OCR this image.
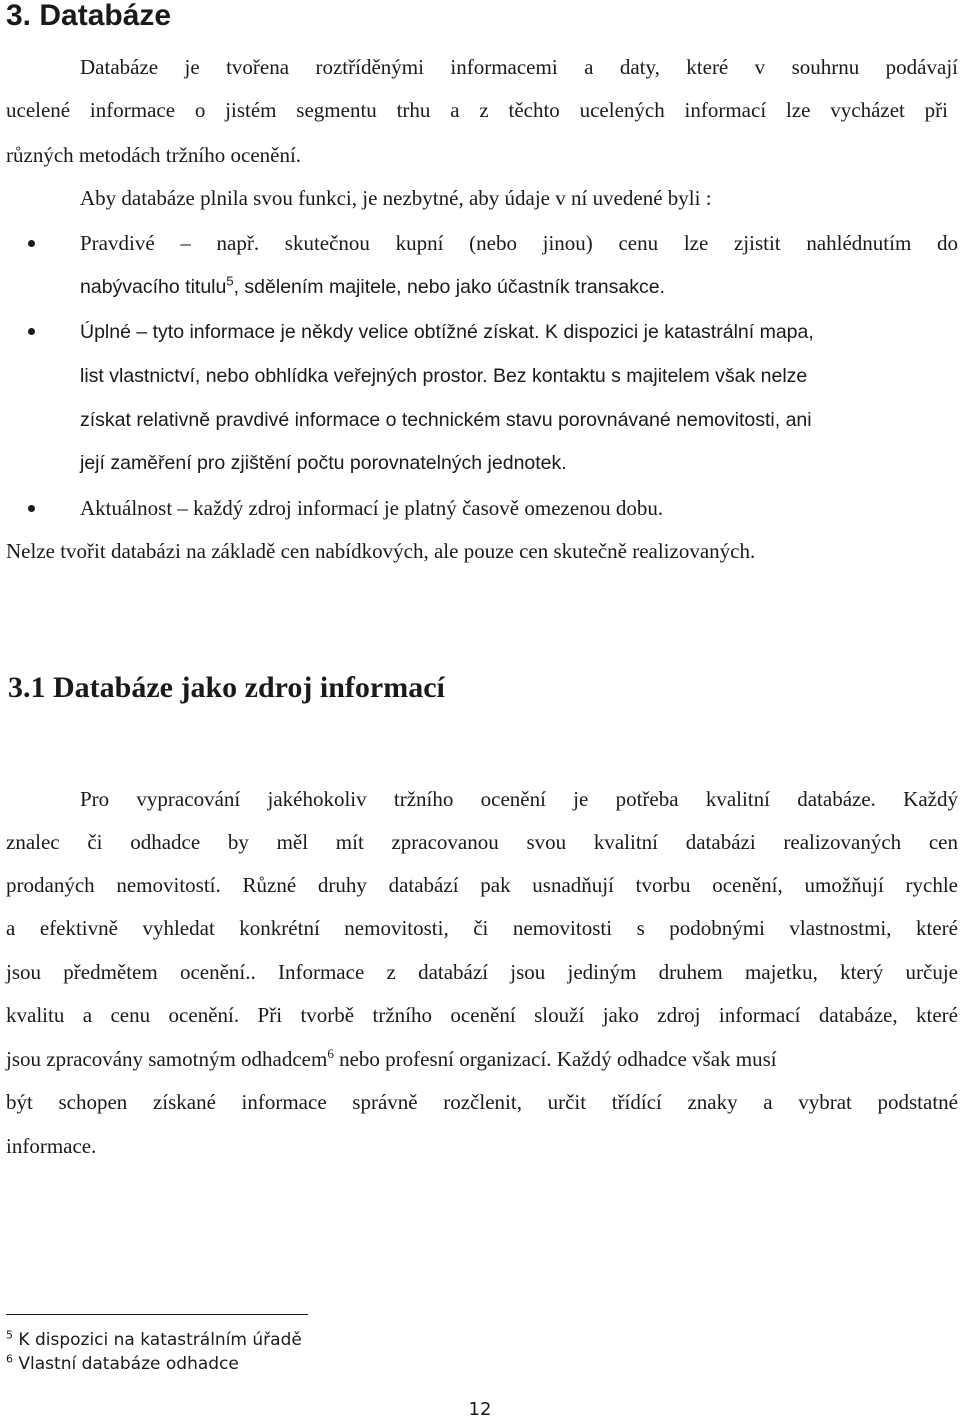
3. Databáze
Databáze je tvořena roztříděnými informacemi a daty, které v souhrnu podávají
ucelené informace o jistém segmentu trhu a z těchto ucelených informací lze vycházet při
různých metodách tržního ocenění.
Aby databáze plnila svou funkci, je nezbytné, aby údaje v ní uvedené byli :
Pravdivé – např. skutečnou kupní (nebo jinou) cenu lze zjistit nahlédnutím do
nabývacího titulu$^5$, sdělením majitele, nebo jako účastník transakce.
Úplné – tyto informace je někdy velice obtížné získat. K dispozici je katastrální mapa,
list vlastnictví, nebo obhlídka veřejných prostor. Bez kontaktu s majitelem však nelze
získat relativně pravdivé informace o technickém stavu porovnávané nemovitosti, ani
její zaměření pro zjištění počtu porovnatelných jednotek.
Aktuálnost – každý zdroj informací je platný časově omezenou dobu.
Nelze tvořit databázi na základě cen nabídkových, ale pouze cen skutečně realizovaných.
3.1 Databáze jako zdroj informací
Pro vypracování jakéhokoliv tržního ocenění je potřeba kvalitní databáze. Každý
znalec či odhadce by měl mít zpracovanou svou kvalitní databázi realizovaných cen
prodaných nemovitostí. Různé druhy databází pak usnadňují tvorbu ocenění, umožňují rychle
a efektivně vyhledat konkrétní nemovitosti, či nemovitosti s podobnými vlastnostmi, které
jsou předmětem ocenění.. Informace z databází jsou jediným druhem majetku, který určuje
kvalitu a cenu ocenění. Při tvorbě tržního ocenění slouží jako zdroj informací databáze, které
jsou zpracovány samotným odhadcem$^6$ nebo profesní organizací. Každý odhadce však musí
být schopen získané informace správně rozčlenit, určit třídící znaky a vybrat podstatné
informace.
$^5$ K dispozici na katastrálním úřadě
$^6$ Vlastní databáze odhadce
12
